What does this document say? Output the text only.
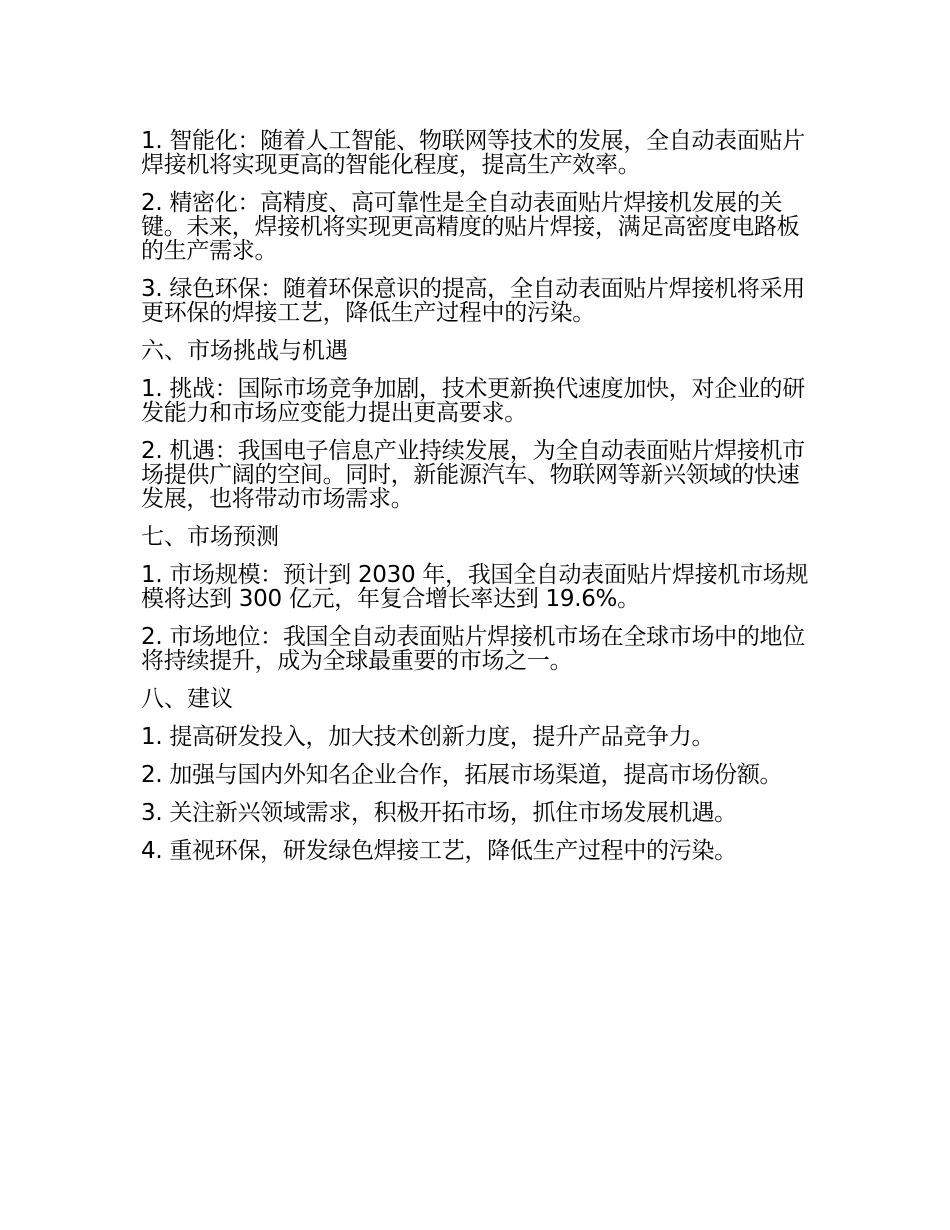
1. 智能化：随着人工智能、物联网等技术的发展，全自动表面贴片焊接机将实现更高的智能化程度，提高生产效率。

2. 精密化：高精度、高可靠性是全自动表面贴片焊接机发展的关键。未来，焊接机将实现更高精度的贴片焊接，满足高密度电路板的生产需求。

3. 绿色环保：随着环保意识的提高，全自动表面贴片焊接机将采用更环保的焊接工艺，降低生产过程中的污染。

六、市场挑战与机遇

1. 挑战：国际市场竞争加剧，技术更新换代速度加快，对企业的研发能力和市场应变能力提出更高要求。

2. 机遇：我国电子信息产业持续发展，为全自动表面贴片焊接机市场提供广阔的空间。同时，新能源汽车、物联网等新兴领域的快速发展，也将带动市场需求。

七、市场预测

1. 市场规模：预计到 2030 年，我国全自动表面贴片焊接机市场规模将达到 300 亿元，年复合增长率达到 19.6%。

2. 市场地位：我国全自动表面贴片焊接机市场在全球市场中的地位将持续提升，成为全球最重要的市场之一。

八、建议

1. 提高研发投入，加大技术创新力度，提升产品竞争力。

2. 加强与国内外知名企业合作，拓展市场渠道，提高市场份额。

3. 关注新兴领域需求，积极开拓市场，抓住市场发展机遇。

4. 重视环保，研发绿色焊接工艺，降低生产过程中的污染。
